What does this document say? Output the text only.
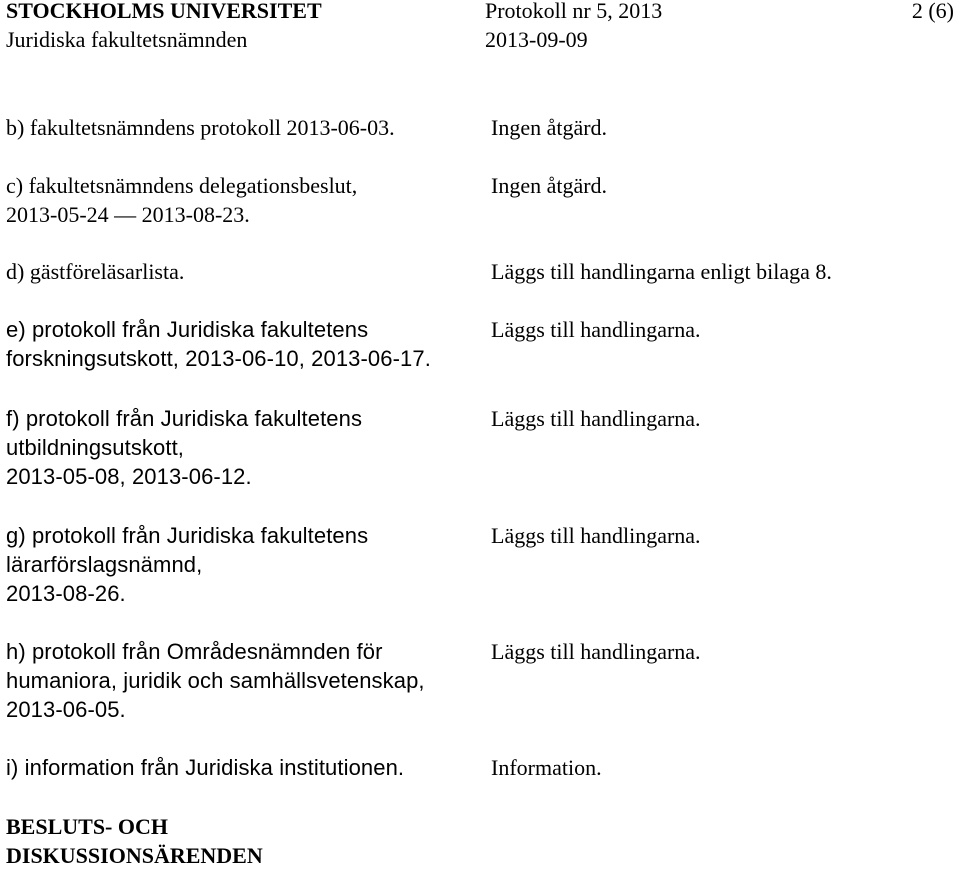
STOCKHOLMS UNIVERSITET
Juridiska fakultetsnämnden
Protokoll nr 5, 2013
2013-09-09
2 (6)
b) fakultetsnämndens protokoll 2013-06-03.	Ingen åtgärd.
c) fakultetsnämndens delegationsbeslut,
2013-05-24 — 2013-08-23.
Ingen åtgärd.
d) gästföreläsarlista.	Läggs till handlingarna enligt bilaga 8.
e) protokoll från Juridiska fakultetens
forskningsutskott, 2013-06-10, 2013-06-17.
Läggs till handlingarna.
f) protokoll från Juridiska fakultetens
utbildningsutskott,
2013-05-08, 2013-06-12.
Läggs till handlingarna.
g) protokoll från Juridiska fakultetens
lärarförslagsnämnd,
2013-08-26.
Läggs till handlingarna.
h) protokoll från Områdesnämnden för
humaniora, juridik och samhällsvetenskap,
2013-06-05.
Läggs till handlingarna.
i) information från Juridiska institutionen.	Information.
BESLUTS- OCH
DISKUSSIONSÄRENDEN
